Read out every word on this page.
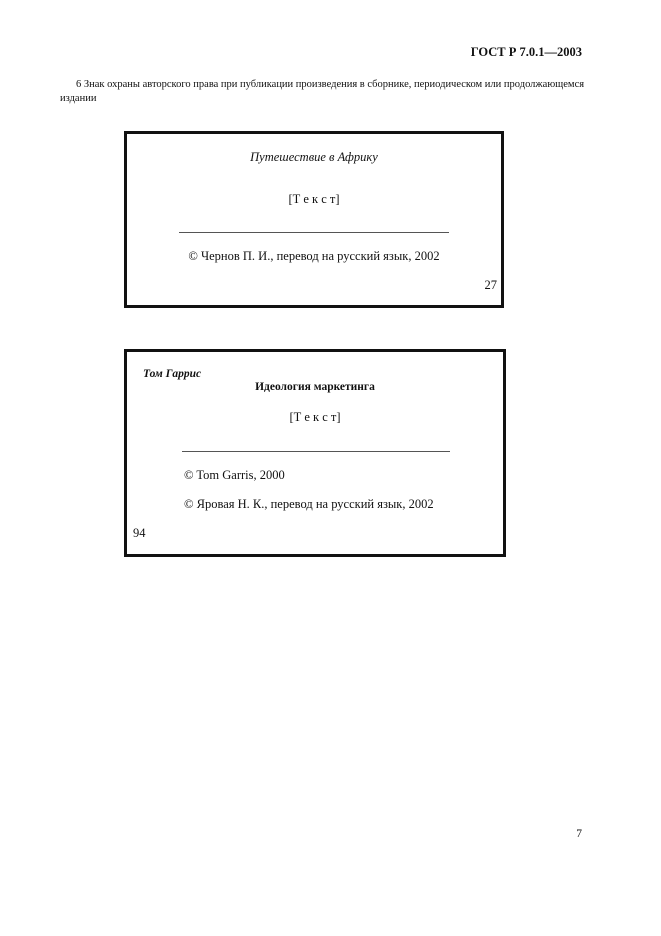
ГОСТ Р 7.0.1—2003
6 Знак охраны авторского права при публикации произведения в сборнике, периодическом или продолжающемся издании
Путешествие в Африку
[Т е к с т]
© Чернов П. И., перевод на русский язык, 2002
27
Том Гаррис
Идеология маркетинга
[Т е к с т]
© Tom Garris, 2000
© Яровая Н. К., перевод на русский язык, 2002
94
7
